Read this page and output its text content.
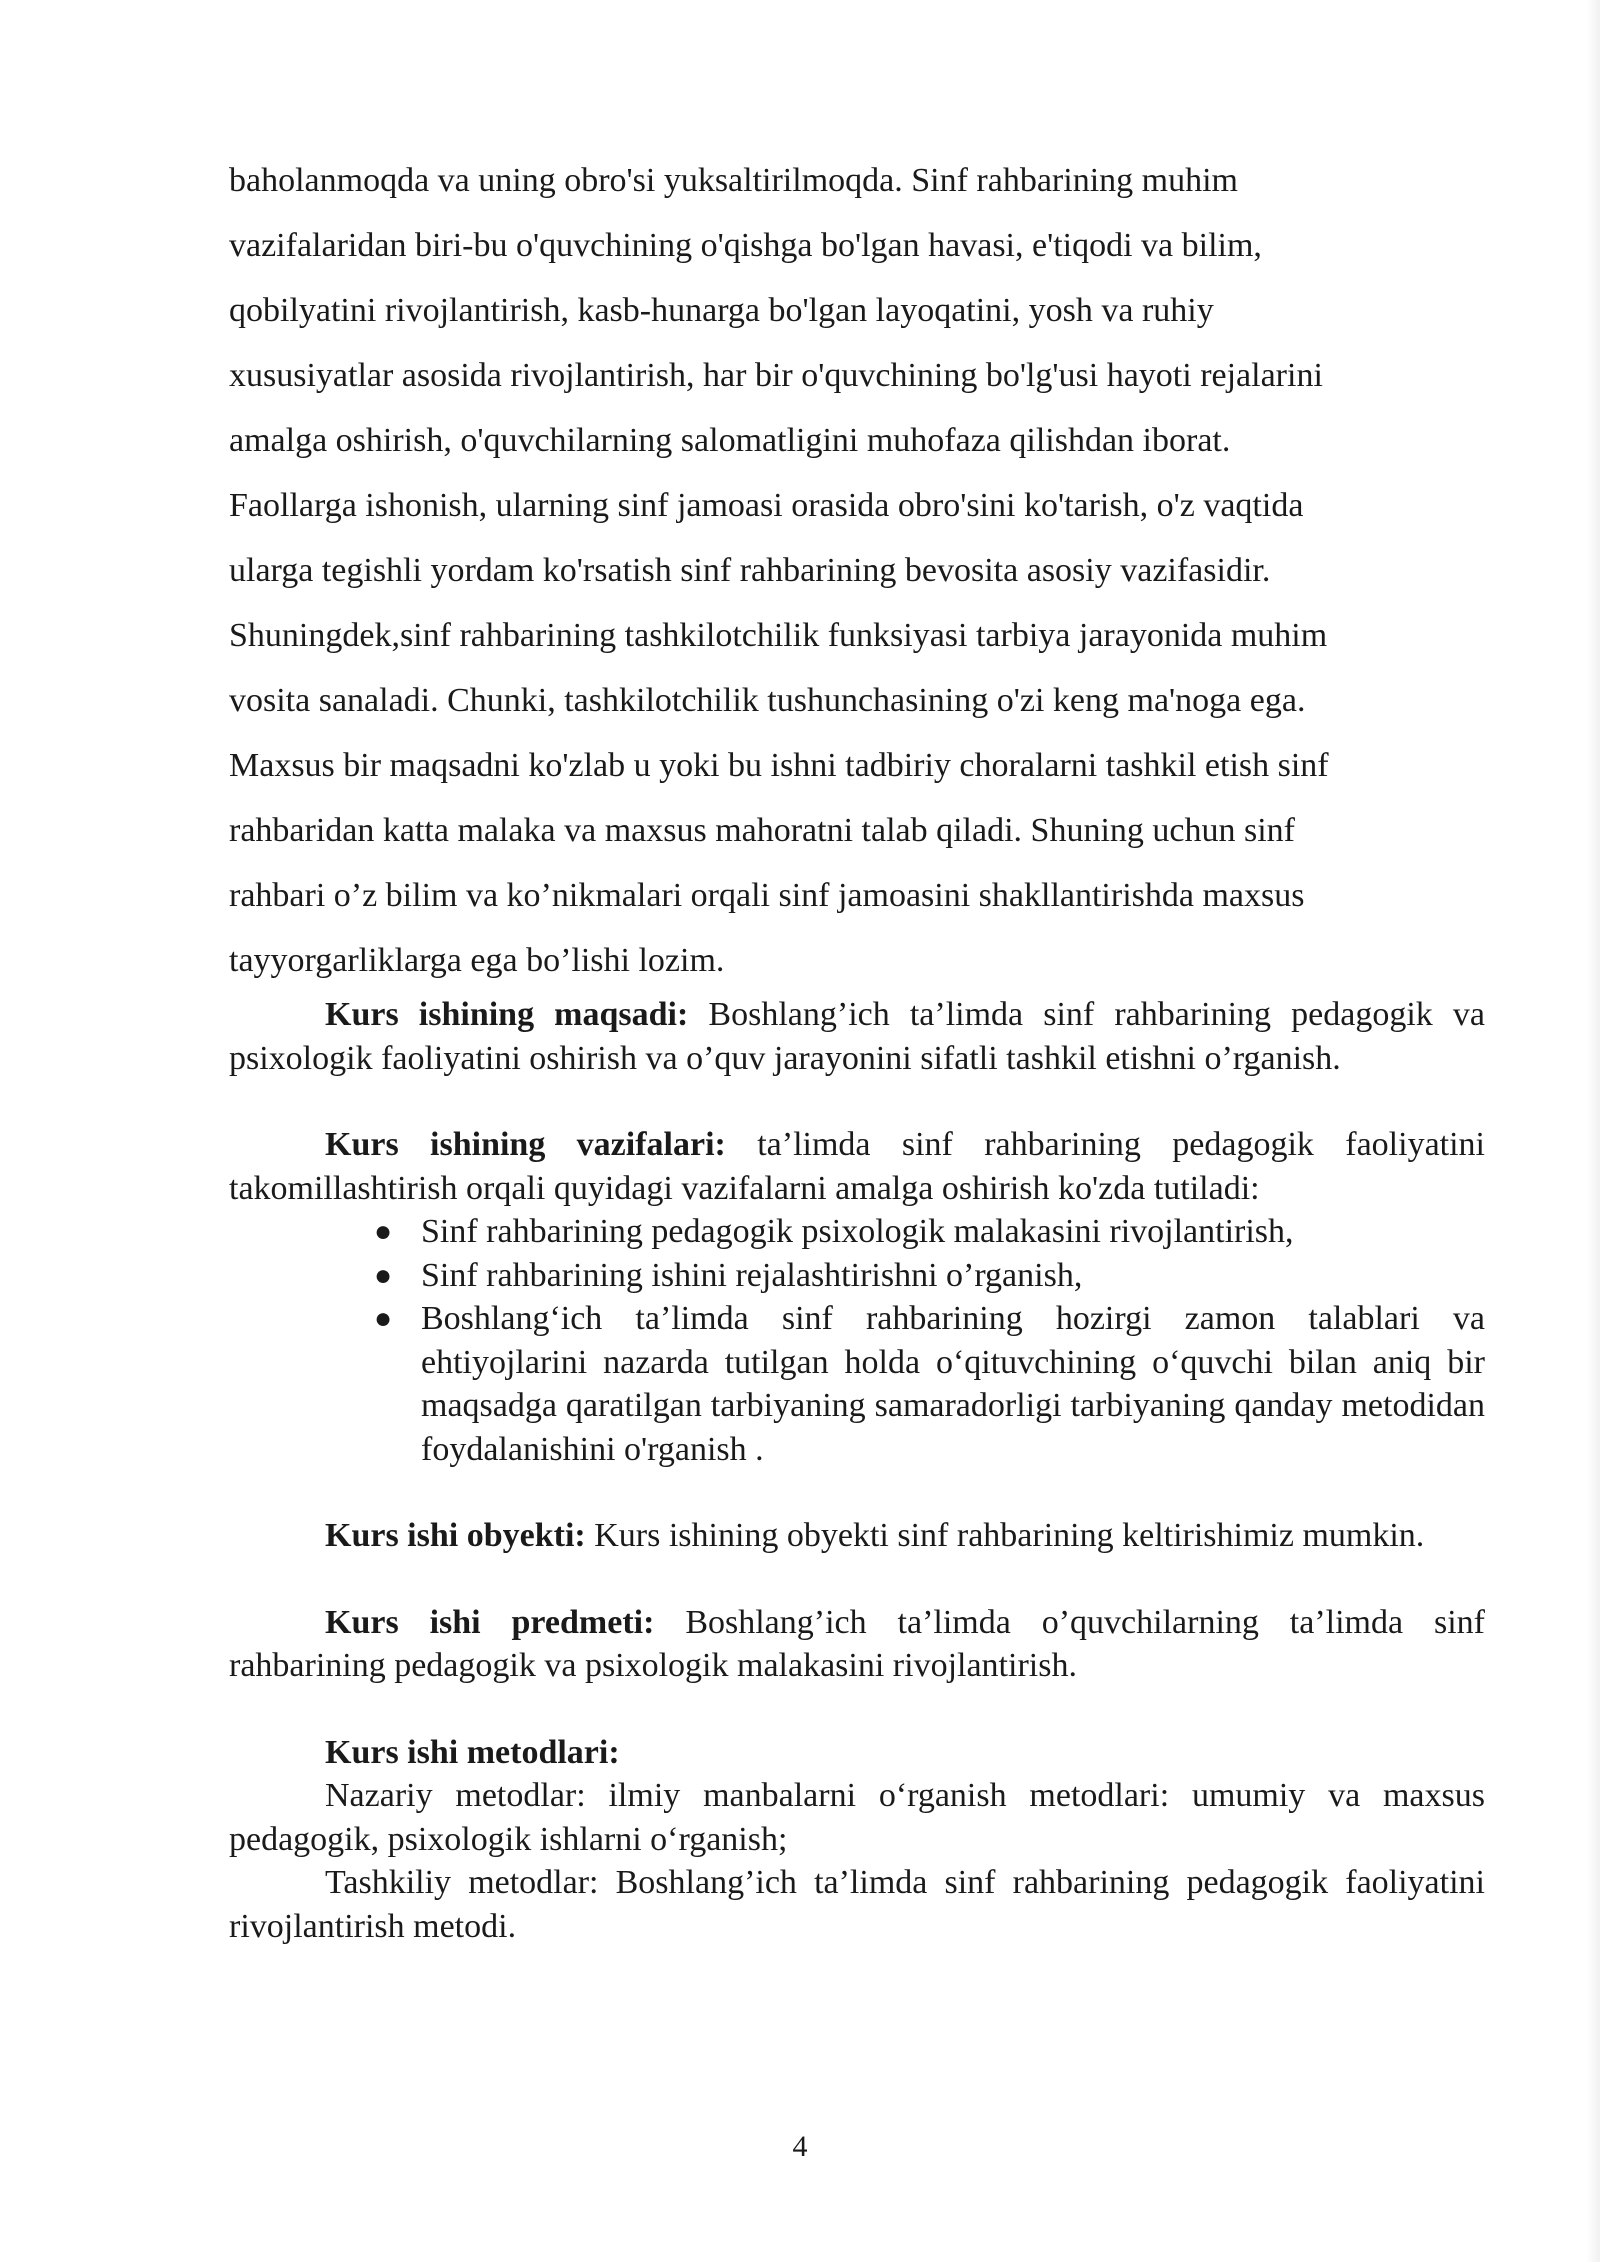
baholanmoqda va uning obro'si yuksaltirilmoqda. Sinf rahbarining muhim

vazifalaridan biri-bu o'quvchining o'qishga bo'lgan havasi, e'tiqodi va bilim,

qobilyatini rivojlantirish, kasb-hunarga bo'lgan layoqatini, yosh va ruhiy

xususiyatlar asosida rivojlantirish, har bir o'quvchining bo'lg'usi hayoti rejalarini

amalga oshirish, o'quvchilarning salomatligini muhofaza qilishdan iborat.

Faollarga ishonish, ularning sinf jamoasi orasida obro'sini ko'tarish, o'z vaqtida

ularga tegishli yordam ko'rsatish sinf rahbarining bevosita asosiy vazifasidir.

Shuningdek,sinf rahbarining tashkilotchilik funksiyasi tarbiya jarayonida muhim

vosita sanaladi. Chunki, tashkilotchilik tushunchasining o'zi keng ma'noga ega.

Maxsus bir maqsadni ko'zlab u yoki bu ishni tadbiriy choralarni tashkil etish sinf

rahbaridan katta malaka va maxsus mahoratni talab qiladi. Shuning uchun sinf

rahbari o’z bilim va ko’nikmalari orqali sinf jamoasini shakllantirishda maxsus

tayyorgarliklarga ega bo’lishi lozim.

Kurs ishining maqsadi: Boshlang’ich ta’limda sinf rahbarining pedagogik va psixologik faoliyatini oshirish va o’quv jarayonini sifatli tashkil etishni o’rganish.

Kurs ishining vazifalari: ta’limda sinf rahbarining pedagogik faoliyatini takomillashtirish orqali quyidagi vazifalarni amalga oshirish ko'zda tutiladi:

● Sinf rahbarining pedagogik psixologik malakasini rivojlantirish,
● Sinf rahbarining ishini rejalashtirishni o’rganish,
● Boshlang‘ich ta’limda sinf rahbarining hozirgi zamon talablari va ehtiyojlarini nazarda tutilgan holda o‘qituvchining o‘quvchi bilan aniq bir maqsadga qaratilgan tarbiyaning samaradorligi tarbiyaning qanday metodidan foydalanishini o'rganish .

Kurs ishi obyekti: Kurs ishining obyekti sinf rahbarining keltirishimiz mumkin.

Kurs ishi predmeti: Boshlang’ich ta’limda o’quvchilarning ta’limda sinf rahbarining pedagogik va psixologik malakasini rivojlantirish.

Kurs ishi metodlari:

Nazariy metodlar: ilmiy manbalarni o‘rganish metodlari: umumiy va maxsus pedagogik, psixologik ishlarni o‘rganish;

Tashkiliy metodlar: Boshlang’ich ta’limda sinf rahbarining pedagogik faoliyatini rivojlantirish metodi.

4
